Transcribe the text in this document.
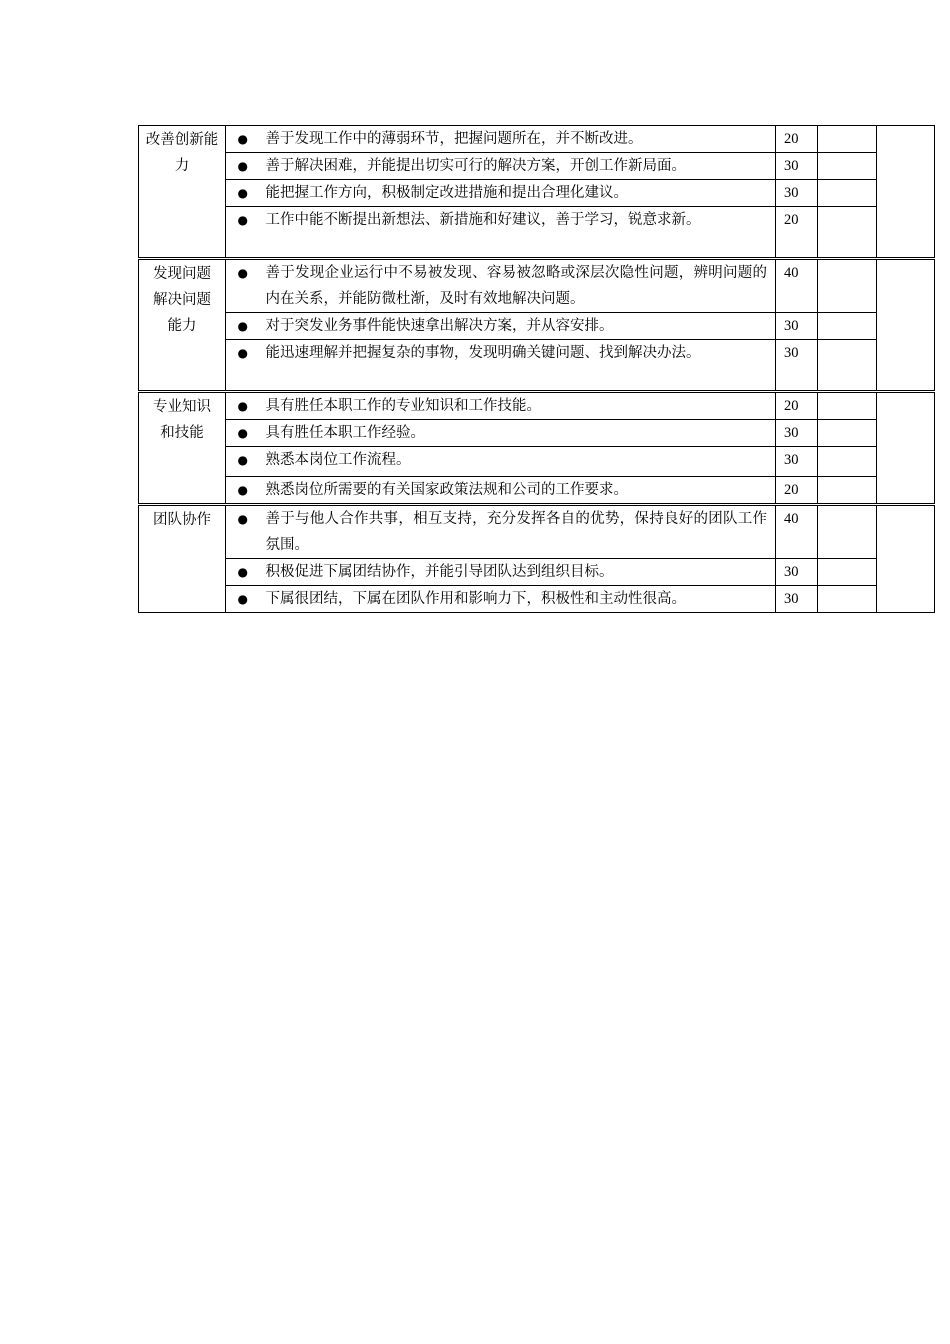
改善创新能力	●	善于发现工作中的薄弱环节，把握问题所在，并不断改进。	20		
	●	善于解决困难，并能提出切实可行的解决方案，开创工作新局面。	30		
	●	能把握工作方向，积极制定改进措施和提出合理化建议。	30		
	●	工作中能不断提出新想法、新措施和好建议，善于学习，锐意求新。	20		
发现问题解决问题能力	●	善于发现企业运行中不易被发现、容易被忽略或深层次隐性问题，辨明问题的内在关系，并能防微杜渐，及时有效地解决问题。	40		
	●	对于突发业务事件能快速拿出解决方案，并从容安排。	30		
	●	能迅速理解并把握复杂的事物，发现明确关键问题、找到解决办法。	30		
专业知识和技能	●	具有胜任本职工作的专业知识和工作技能。	20		
	●	具有胜任本职工作经验。	30		
	●	熟悉本岗位工作流程。	30		
	●	熟悉岗位所需要的有关国家政策法规和公司的工作要求。	20		
团队协作	●	善于与他人合作共事，相互支持，充分发挥各自的优势，保持良好的团队工作氛围。	40		
	●	积极促进下属团结协作，并能引导团队达到组织目标。	30		
	●	下属很团结，下属在团队作用和影响力下，积极性和主动性很高。	30		
